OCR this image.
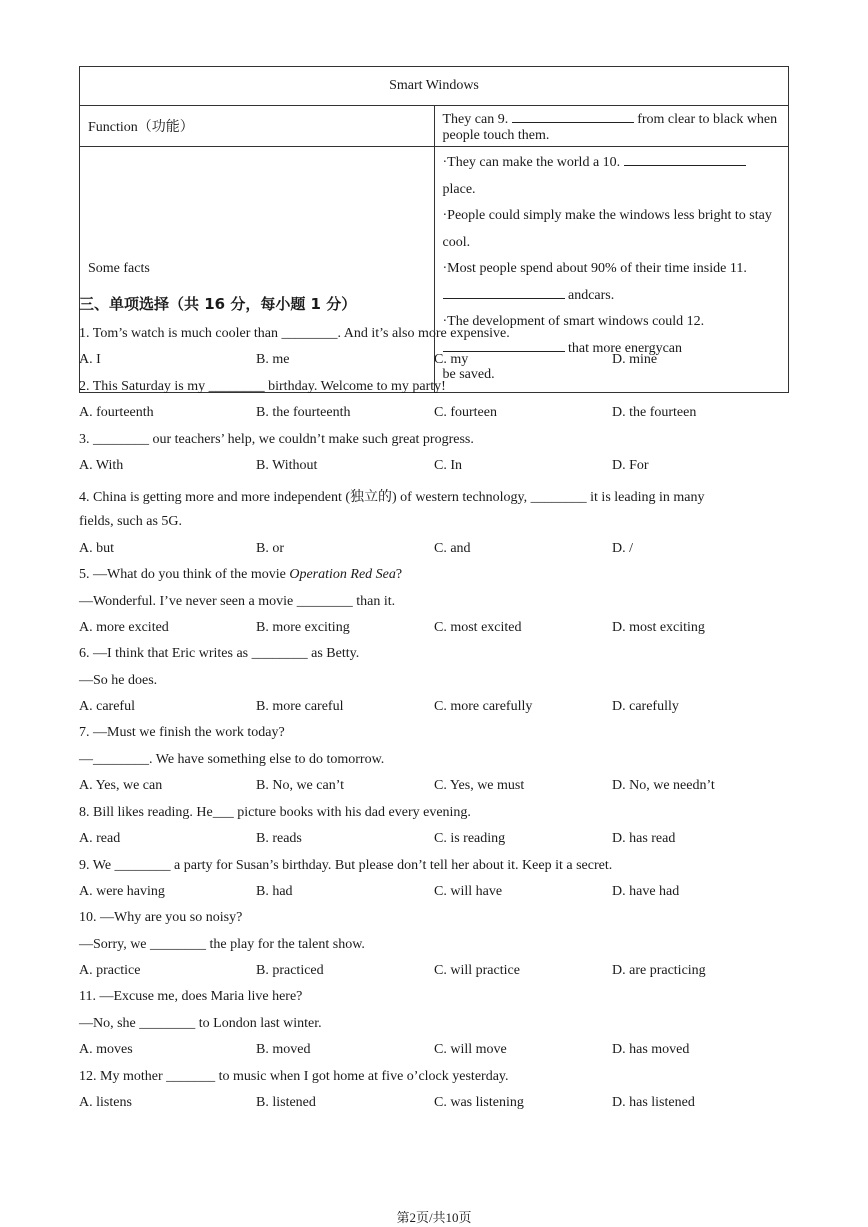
Smart Windows	
Function（功能）	They can 9. from clear to black when people touch them.
Some facts	·They can make the world a 10.  place.
·People could simply make the windows less bright to stay cool.
·Most people spend about 90% of their time inside 11.  andcars.
·The development of smart windows could 12.  that more energycan
be saved.
三、单项选择（共 16 分，每小题 1 分）
1. Tom’s watch is much cooler than ________. And it’s also more expensive.
A. I	B. me	C. my	D. mine
2. This Saturday is my ________ birthday. Welcome to my party!
A. fourteenth	B. the fourteenth	C. fourteen	D. the fourteen
3. ________ our teachers’ help, we couldn’t make such great progress.
A. With	B. Without	C. In	D. For
4. China is getting more and more independent (独立的) of western technology, ________ it is leading in many
fields, such as 5G.
A. but	B. or	C. and	D. /
5. —What do you think of the movie Operation Red Sea?
—Wonderful. I’ve never seen a movie ________ than it.
A. more excited	B. more exciting	C. most excited	D. most exciting
6. —I think that Eric writes as ________ as Betty.
—So he does.
A. careful	B. more careful	C. more carefully	D. carefully
7. —Must we finish the work today?
—________. We have something else to do tomorrow.
A. Yes, we can	B. No, we can’t	C. Yes, we must	D. No, we needn’t
8. Bill likes reading. He___ picture books with his dad every evening.
A. read	B. reads	C. is reading	D. has read
9. We ________ a party for Susan’s birthday. But please don’t tell her about it. Keep it a secret.
A. were having	B. had	C. will have	D. have had
10. —Why are you so noisy?
—Sorry, we ________ the play for the talent show.
A. practice	B. practiced	C. will practice	D. are practicing
11. —Excuse me, does Maria live here?
—No, she ________ to London last winter.
A. moves	B. moved	C. will move	D. has moved
12. My mother _______ to music when I got home at five o’clock yesterday.
A. listens	B. listened	C. was listening	D. has listened
第2页/共10页
